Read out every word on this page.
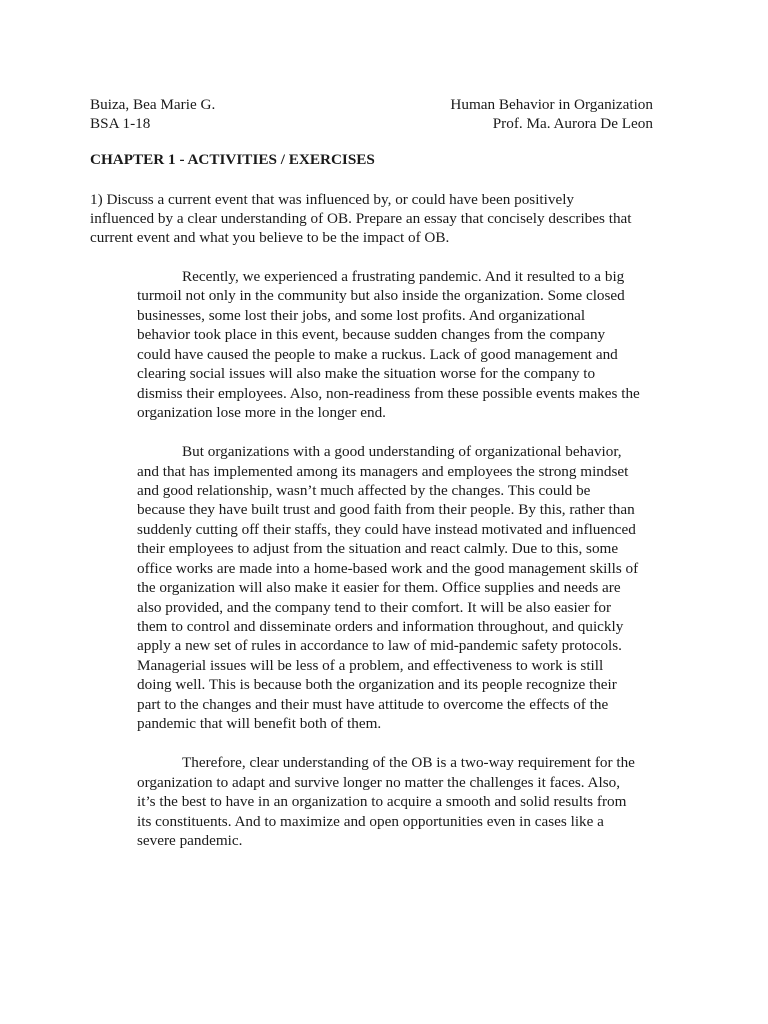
Buiza, Bea Marie G.	Human Behavior in Organization
BSA 1-18	Prof. Ma. Aurora De Leon
CHAPTER 1 - ACTIVITIES / EXERCISES
1) Discuss a current event that was influenced by, or could have been positively
influenced by a clear understanding of OB. Prepare an essay that concisely describes that
current event and what you believe to be the impact of OB.
Recently, we experienced a frustrating pandemic. And it resulted to a big
turmoil not only in the community but also inside the organization. Some closed
businesses, some lost their jobs, and some lost profits. And organizational
behavior took place in this event, because sudden changes from the company
could have caused the people to make a ruckus. Lack of good management and
clearing social issues will also make the situation worse for the company to
dismiss their employees. Also, non-readiness from these possible events makes the
organization lose more in the longer end.
But organizations with a good understanding of organizational behavior,
and that has implemented among its managers and employees the strong mindset
and good relationship, wasn’t much affected by the changes. This could be
because they have built trust and good faith from their people. By this, rather than
suddenly cutting off their staffs, they could have instead motivated and influenced
their employees to adjust from the situation and react calmly. Due to this, some
office works are made into a home-based work and the good management skills of
the organization will also make it easier for them. Office supplies and needs are
also provided, and the company tend to their comfort. It will be also easier for
them to control and disseminate orders and information throughout, and quickly
apply a new set of rules in accordance to law of mid-pandemic safety protocols.
Managerial issues will be less of a problem, and effectiveness to work is still
doing well. This is because both the organization and its people recognize their
part to the changes and their must have attitude to overcome the effects of the
pandemic that will benefit both of them.
Therefore, clear understanding of the OB is a two-way requirement for the
organization to adapt and survive longer no matter the challenges it faces. Also,
it’s the best to have in an organization to acquire a smooth and solid results from
its constituents. And to maximize and open opportunities even in cases like a
severe pandemic.
